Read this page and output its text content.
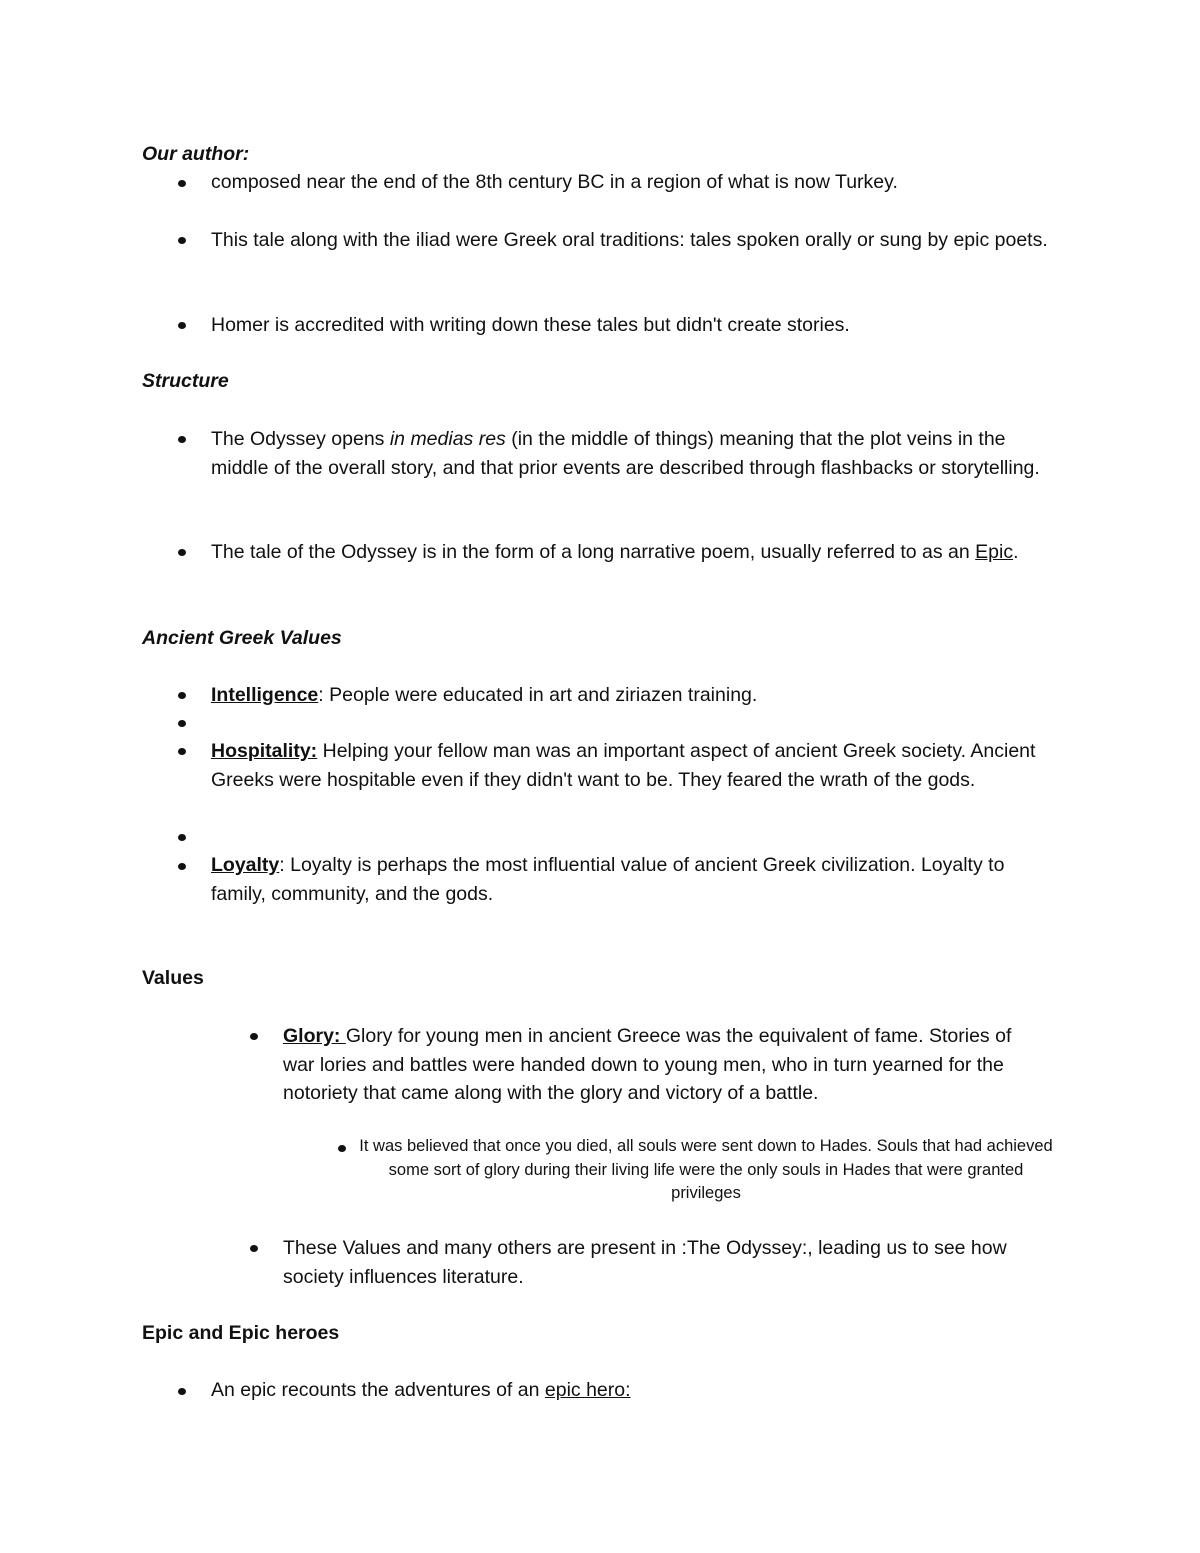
Our author:
composed near the end of the 8th century BC in a region of what is now Turkey.
This tale along with the iliad were Greek oral traditions: tales spoken orally or sung by epic poets.
Homer is accredited with writing down these tales but didn't create stories.
Structure
The Odyssey opens in medias res (in the middle of things) meaning that the plot veins in the middle of the overall story, and that prior events are described through flashbacks or storytelling.
The tale of the Odyssey is in the form of a long narrative poem, usually referred to as an Epic.
Ancient Greek Values
Intelligence: People were educated in art and ziriazen training.
Hospitality: Helping your fellow man was an important aspect of ancient Greek society. Ancient Greeks were hospitable even if they didn't want to be. They feared the wrath of the gods.
Loyalty: Loyalty is perhaps the most influential value of ancient Greek civilization. Loyalty to family, community, and the gods.
Values
Glory: Glory for young men in ancient Greece was the equivalent of fame. Stories of war lories and battles were handed down to young men, who in turn yearned for the notoriety that came along with the glory and victory of a battle.
It was believed that once you died, all souls were sent down to Hades. Souls that had achieved some sort of glory during their living life were the only souls in Hades that were granted privileges
These Values and many others are present in :The Odyssey:, leading us to see how society influences literature.
Epic and Epic heroes
An epic recounts the adventures of an epic hero:
